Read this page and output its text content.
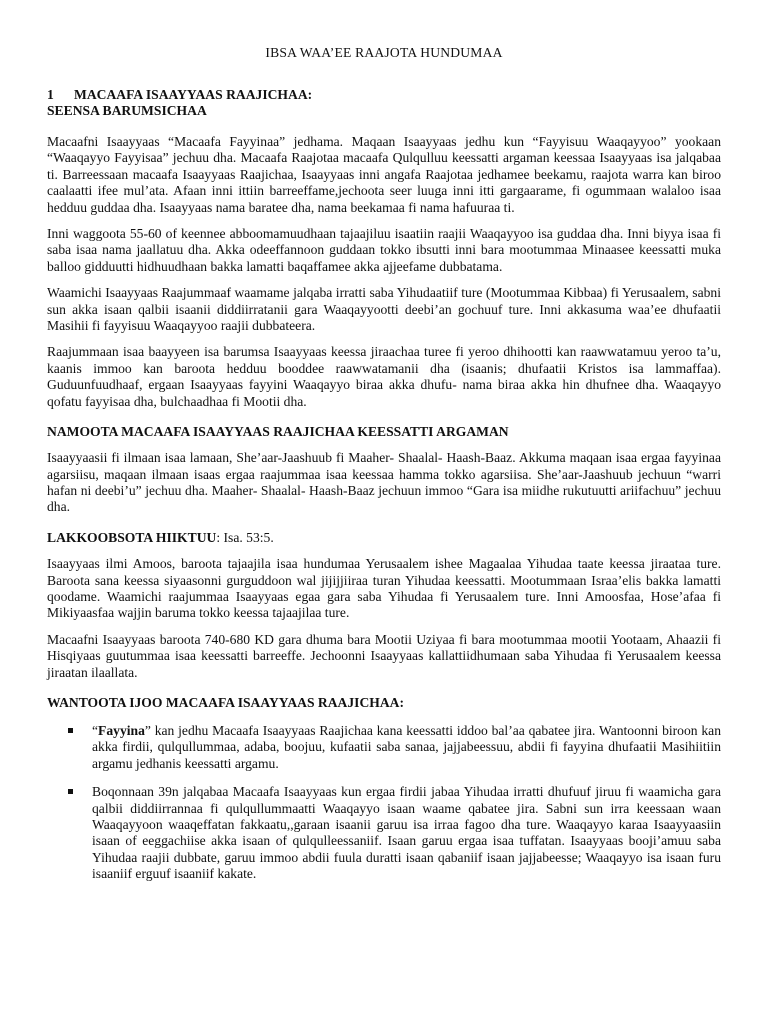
IBSA WAA’EE RAAJOTA HUNDUMAA
1 MACAAFA ISAAYYAAS RAAJICHAA:
SEENSA BARUMSICHAA

Macaafni Isaayyaas “Macaafa Fayyinaa” jedhama. Maqaan Isaayyaas jedhu kun “Fayyisuu Waaqayyoo” yookaan “Waaqayyo Fayyisaa” jechuu dha. Macaafa Raajotaa macaafa Qulqulluu keessatti argaman keessaa Isaayyaas isa jalqabaa ti. Barreessaan macaafa Isaayyaas Raajichaa, Isaayyaas inni angafa Raajotaa jedhamee beekamu, raajota warra kan biroo caalaatti ifee mul’ata. Afaan inni ittiin barreeffame,jechoota seer luuga inni itti gargaarame, fi ogummaan walaloo isaa hedduu guddaa dha. Isaayyaas nama baratee dha, nama beekamaa fi nama hafuuraa ti.

Inni waggoota 55-60 of keennee abboomamuudhaan tajaajiluu isaatiin raajii Waaqayyoo isa guddaa dha. Inni biyya isaa fi saba isaa nama jaallatuu dha. Akka odeeffannoon guddaan tokko ibsutti inni bara mootummaa Minaasee keessatti muka balloo gidduutti hidhuudhaan bakka lamatti baqaffamee akka ajjeefame dubbatama.

Waamichi Isaayyaas Raajummaaf waamame jalqaba irratti saba Yihudaatiif ture (Mootummaa Kibbaa) fi Yerusaalem, sabni sun akka isaan qalbii isaanii diddiirratanii gara Waaqayyootti deebi’an gochuuf ture. Inni akkasuma waa’ee dhufaatii Masihii fi fayyisuu Waaqayyoo raajii dubbateera.

Raajummaan isaa baayyeen isa barumsa Isaayyaas keessa jiraachaa turee fi yeroo dhihootti kan raawwatamuu yeroo ta’u, kaanis immoo kan baroota hedduu booddee raawwatamanii dha (isaanis; dhufaatii Kristos isa lammaffaa). Guduunfuudhaaf, ergaan Isaayyaas fayyini Waaqayyo biraa akka dhufu- nama biraa akka hin dhufnee dha. Waaqayyo qofatu fayyisaa dha, bulchaadhaa fi Mootii dha.

NAMOOTA MACAAFA ISAAYYAAS RAAJICHAA KEESSATTI ARGAMAN

Isaayyaasii fi ilmaan isaa lamaan, She’aar-Jaashuub fi Maaher- Shaalal- Haash-Baaz. Akkuma maqaan isaa ergaa fayyinaa agarsiisu, maqaan ilmaan isaas ergaa raajummaa isaa keessaa hamma tokko agarsiisa. She’aar-Jaashuub jechuun “warri hafan ni deebi’u” jechuu dha. Maaher- Shaalal- Haash-Baaz jechuun immoo “Gara isa miidhe rukutuutti ariifachuu” jechuu dha.

LAKKOOBSOTA HIIKTUU: Isa. 53:5.

Isaayyaas ilmi Amoos, baroota tajaajila isaa hundumaa Yerusaalem ishee Magaalaa Yihudaa taate keessa jiraataa ture. Baroota sana keessa siyaasonni gurguddoon wal jijijjiiraa turan Yihudaa keessatti. Mootummaan Israa’elis bakka lamatti qoodame. Waamichi raajummaa Isaayyaas egaa gara saba Yihudaa fi Yerusaalem ture. Inni Amoosfaa, Hose’afaa fi Mikiyaasfaa wajjin baruma tokko keessa tajaajilaa ture.

Macaafni Isaayyaas baroota 740-680 KD gara dhuma bara Mootii Uziyaa fi bara mootummaa mootii Yootaam, Ahaazii fi Hisqiyaas guutummaa isaa keessatti barreeffe. Jechoonni Isaayyaas kallattiidhumaan saba Yihudaa fi Yerusaalem keessa jiraatan ilaallata.

WANTOOTA IJOO MACAAFA ISAAYYAAS RAAJICHAA:

“Fayyina” kan jedhu Macaafa Isaayyaas Raajichaa kana keessatti iddoo bal’aa qabatee jira. Wantoonni biroon kan akka firdii, qulqullummaa, adaba, boojuu, kufaatii saba sanaa, jajjabeessuu, abdii fi fayyina dhufaatii Masihiitiin argamu jedhanis keessatti argamu.

Boqonnaan 39n jalqabaa Macaafa Isaayyaas kun ergaa firdii jabaa Yihudaa irratti dhufuuf jiruu fi waamicha gara qalbii diddiirrannaa fi qulqullummaatti Waaqayyo isaan waame qabatee jira. Sabni sun irra keessaan waan Waaqayyoon waaqeffatan fakkaatu,,garaan isaanii garuu isa irraa fagoo dha ture. Waaqayyo karaa Isaayyaasiin isaan of eeggachiise akka isaan of qulqulleessaniif. Isaan garuu ergaa isaa tuffatan. Isaayyaas booji’amuu saba Yihudaa raajii dubbate, garuu immoo abdii fuula duratti isaan qabaniif isaan jajjabeesse; Waaqayyo isa isaan furu isaaniif erguuf isaaniif kakate.
